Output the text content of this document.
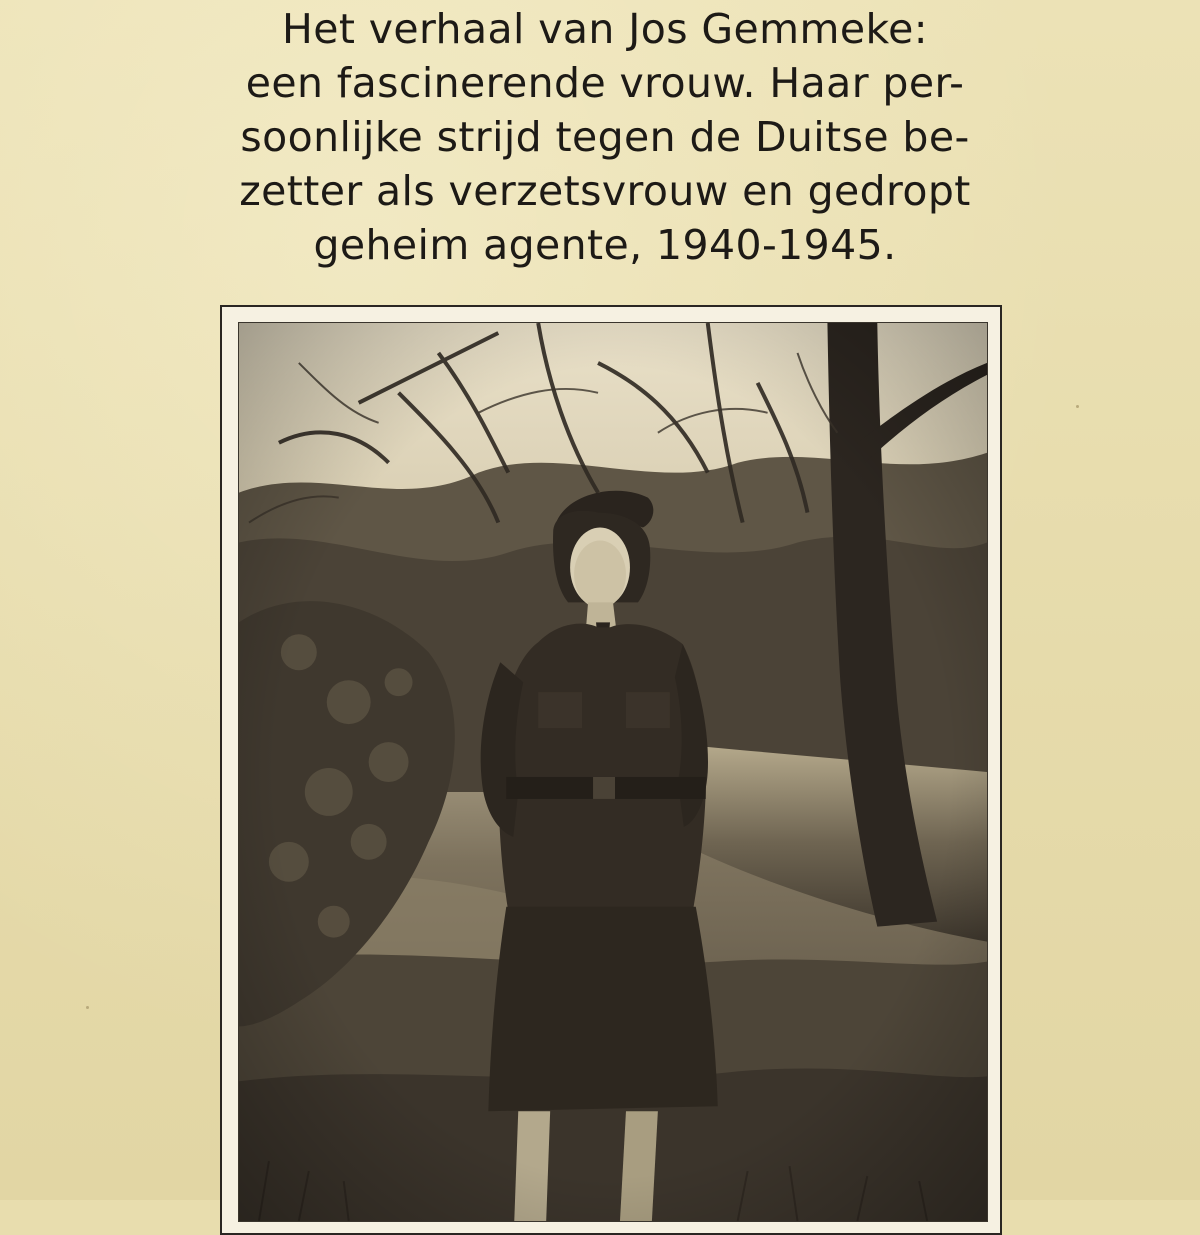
Het verhaal van Jos Gemmeke:
een fascinerende vrouw. Haar per-
soonlijke strijd tegen de Duitse be-
zetter als verzetsvrouw en gedropt
geheim agente, 1940-1945.
